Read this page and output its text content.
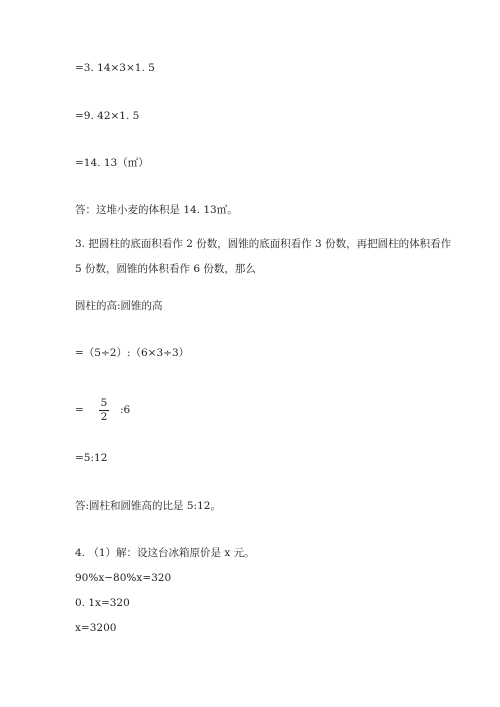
=3. 14×3×1. 5
=9. 42×1. 5
=14. 13（㎡）
答：这堆小麦的体积是 14. 13㎡。
3. 把圆柱的底面积看作 2 份数，圆锥的底面积看作 3 份数，再把圆柱的体积看作
5 份数，圆锥的体积看作 6 份数，那么
圆柱的高:圆锥的高
=（5÷2）:（6×3÷3）
=
5
2
:6
=5:12
答:圆柱和圆锥高的比是 5:12。
4. （1）解：设这台冰箱原价是 x 元。
90%x−80%x=320
0. 1x=320
x=3200
